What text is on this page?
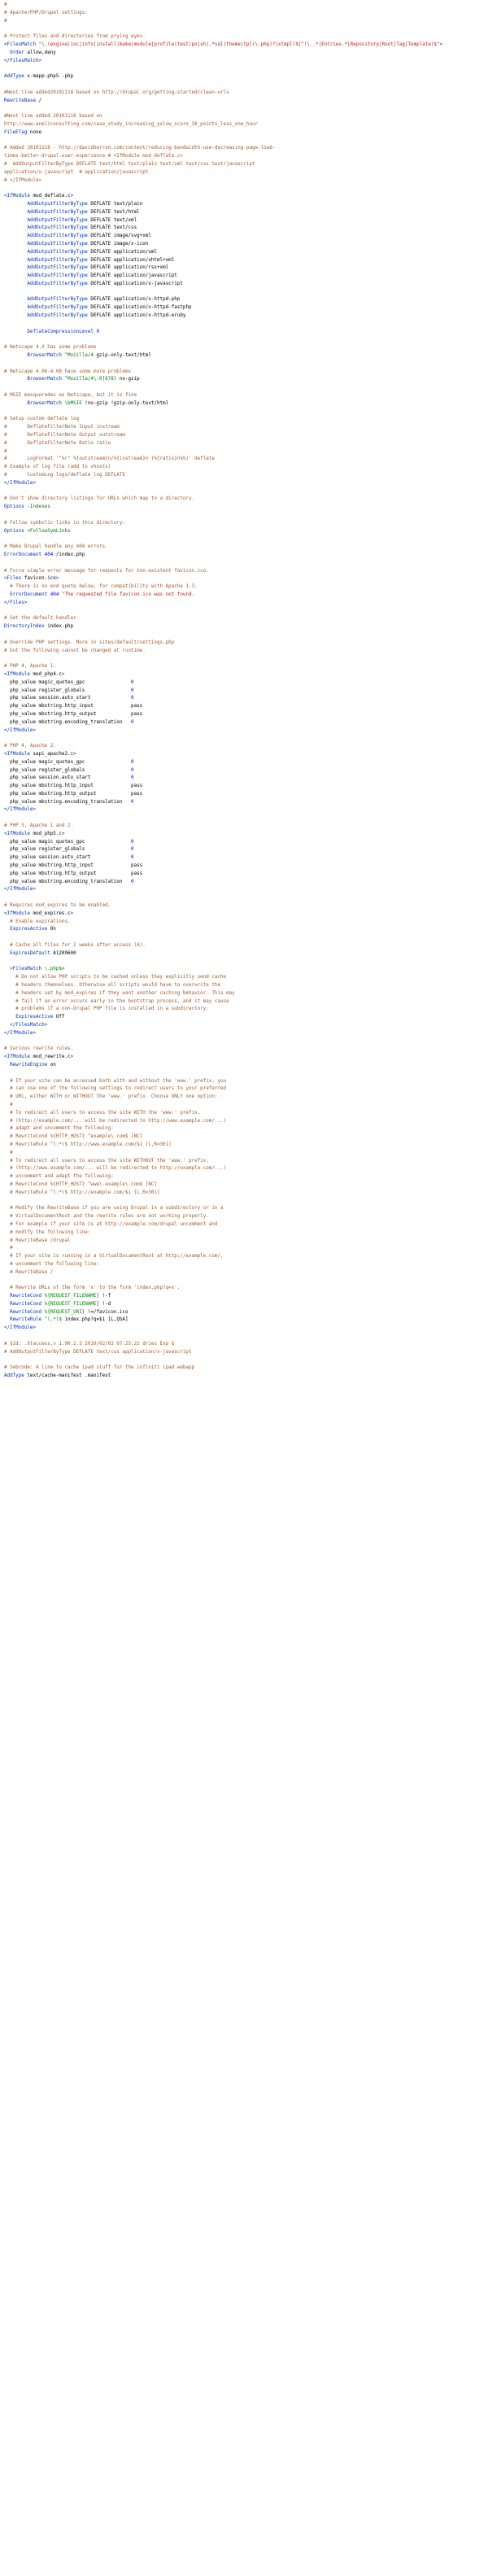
#
# Apache/PHP/Drupal settings:
#

# Protect files and directories from prying eyes.
<FilesMatch "\.(engine|inc|info|install|make|module|profile|test|po|sh|.*sql|theme|tpl(\.php)?|xtmpl)$|^(\..*|Entries.*|Repository|Root|Tag|Template)$">
Order allow,deny
</FilesMatch>

AddType x-mapp-php5 .php

#Next line added20101118 based on http://drupal.org/getting-started/clean-urls
RewriteBase /

#Next line added 20101118 based on
http://www.aneliconsulting.com/case_study_increasing_yslow_score_38_points_less_one_hour
FileETag none

# Added 20101118 - http://davidherron.com/content/reducing-bandwidth-use-decreasing-page-load-
times-better-drupal-user-experience # <IfModule mod_deflate.c>
#  AddOutputFilterByType DEFLATE text/html text/plain text/xml text/css text/javascript
application/x-javascript  # application/javascript
# </IfModule>

<IfModule mod_deflate.c>
AddOutputFilterByType DEFLATE text/plain
AddOutputFilterByType DEFLATE text/html
AddOutputFilterByType DEFLATE text/xml
AddOutputFilterByType DEFLATE text/css
AddOutputFilterByType DEFLATE image/svg+xml
AddOutputFilterByType DEFLATE image/x-icon
AddOutputFilterByType DEFLATE application/xml
AddOutputFilterByType DEFLATE application/xhtml+xml
AddOutputFilterByType DEFLATE application/rss+xml
AddOutputFilterByType DEFLATE application/javascript
AddOutputFilterByType DEFLATE application/x-javascript

AddOutputFilterByType DEFLATE application/x-httpd-php
AddOutputFilterByType DEFLATE application/x-httpd-fastphp
AddOutputFilterByType DEFLATE application/x-httpd-eruby

DeflateCompressionLevel 9

# Netscape 4.X has some problems
BrowserMatch ^Mozilla/4 gzip-only-text/html

# Netscape 4.06-4.08 have some more problems
BrowserMatch ^Mozilla/4\.0[678] no-gzip

# MSIE masquerades as Netscape, but it is fine
BrowserMatch \bMSIE !no-gzip !gzip-only-text/html

# Setup custom deflate log
#       DeflateFilterNote Input instream
#       DeflateFilterNote Output outstream
#       DeflateFilterNote Ratio ratio
#
#       LogFormat '"%r" %{outstream}n/%{instream}n (%{ratio}n%%)' deflate
# Example of log file (add to vhosts)
#       CustomLog logs/deflate_log DEFLATE
</IfModule>

# Don't show directory listings for URLs which map to a directory.
Options -Indexes

# Follow symbolic links in this directory.
Options +FollowSymLinks

# Make Drupal handle any 404 errors.
ErrorDocument 404 /index.php

# Force simple error message for requests for non-existent favicon.ico.
<Files favicon.ico>
# There is no end quote below, for compatibility with Apache 1.3.
ErrorDocument 404 "The requested file favicon.ico was not found.
</Files>

# Set the default handler.
DirectoryIndex index.php

# Override PHP settings. More in sites/default/settings.php
# but the following cannot be changed at runtime.

# PHP 4, Apache 1.
<IfModule mod_php4.c>
php_value magic_quotes_gpc                0
php_value register_globals                0
php_value session.auto_start              0
php_value mbstring.http_input             pass
php_value mbstring.http_output            pass
php_value mbstring.encoding_translation   0
</IfModule>

# PHP 4, Apache 2.
<IfModule sapi_apache2.c>
php_value magic_quotes_gpc                0
php_value register_globals                0
php_value session.auto_start              0
php_value mbstring.http_input             pass
php_value mbstring.http_output            pass
php_value mbstring.encoding_translation   0
</IfModule>

# PHP 5, Apache 1 and 2.
<IfModule mod_php5.c>
php_value magic_quotes_gpc                0
php_value register_globals                0
php_value session.auto_start              0
php_value mbstring.http_input             pass
php_value mbstring.http_output            pass
php_value mbstring.encoding_translation   0
</IfModule>

# Requires mod_expires to be enabled.
<IfModule mod_expires.c>
# Enable expirations.
ExpiresActive On

# Cache all files for 2 weeks after access (A).
ExpiresDefault A1209600

<FilesMatch \.php$>
# Do not allow PHP scripts to be cached unless they explicitly send cache
# headers themselves. Otherwise all scripts would have to overwrite the
# headers set by mod_expires if they want another caching behavior. This may
# fail if an error occurs early in the bootstrap process, and it may cause
# problems if a non-Drupal PHP file is installed in a subdirectory.
ExpiresActive Off
</FilesMatch>
</IfModule>

# Various rewrite rules.
<IfModule mod_rewrite.c>
RewriteEngine on

# If your site can be accessed both with and without the 'www.' prefix, you
# can use one of the following settings to redirect users to your preferred
# URL, either WITH or WITHOUT the 'www.' prefix. Choose ONLY one option:
#
# To redirect all users to access the site WITH the 'www.' prefix,
# (http://example.com/... will be redirected to http://www.example.com/...)
# adapt and uncomment the following:
# RewriteCond %{HTTP_HOST} ^example\.com$ [NC]
# RewriteRule ^(.*)$ http://www.example.com/$1 [L,R=301]
#
# To redirect all users to access the site WITHOUT the 'www.' prefix,
# (http://www.example.com/... will be redirected to http://example.com/...)
# uncomment and adapt the following:
# RewriteCond %{HTTP_HOST} ^www\.example\.com$ [NC]
# RewriteRule ^(.*)$ http://example.com/$1 [L,R=301]

# Modify the RewriteBase if you are using Drupal in a subdirectory or in a
# VirtualDocumentRoot and the rewrite rules are not working properly.
# For example if your site is at http://example.com/drupal uncomment and
# modify the following line:
# RewriteBase /drupal
#
# If your site is running in a VirtualDocumentRoot at http://example.com/,
# uncomment the following line:
# RewriteBase /

# Rewrite URLs of the form 'x' to the form 'index.php?q=x'.
RewriteCond %{REQUEST_FILENAME} !-f
RewriteCond %{REQUEST_FILENAME} !-d
RewriteCond %{REQUEST_URI} !=/favicon.ico
RewriteRule ^(.*)$ index.php?q=$1 [L,QSA]
</IfModule>

# $Id: .htaccess,v 1.90.2.5 2010/02/02 07:25:22 dries Exp $
# AddOutputFilterByType DEFLATE text/css application/x-javascript

# Sebcode: A line to cache ipad stuff for the infiniti ipad webapp
AddType text/cache-manifest .manifest
